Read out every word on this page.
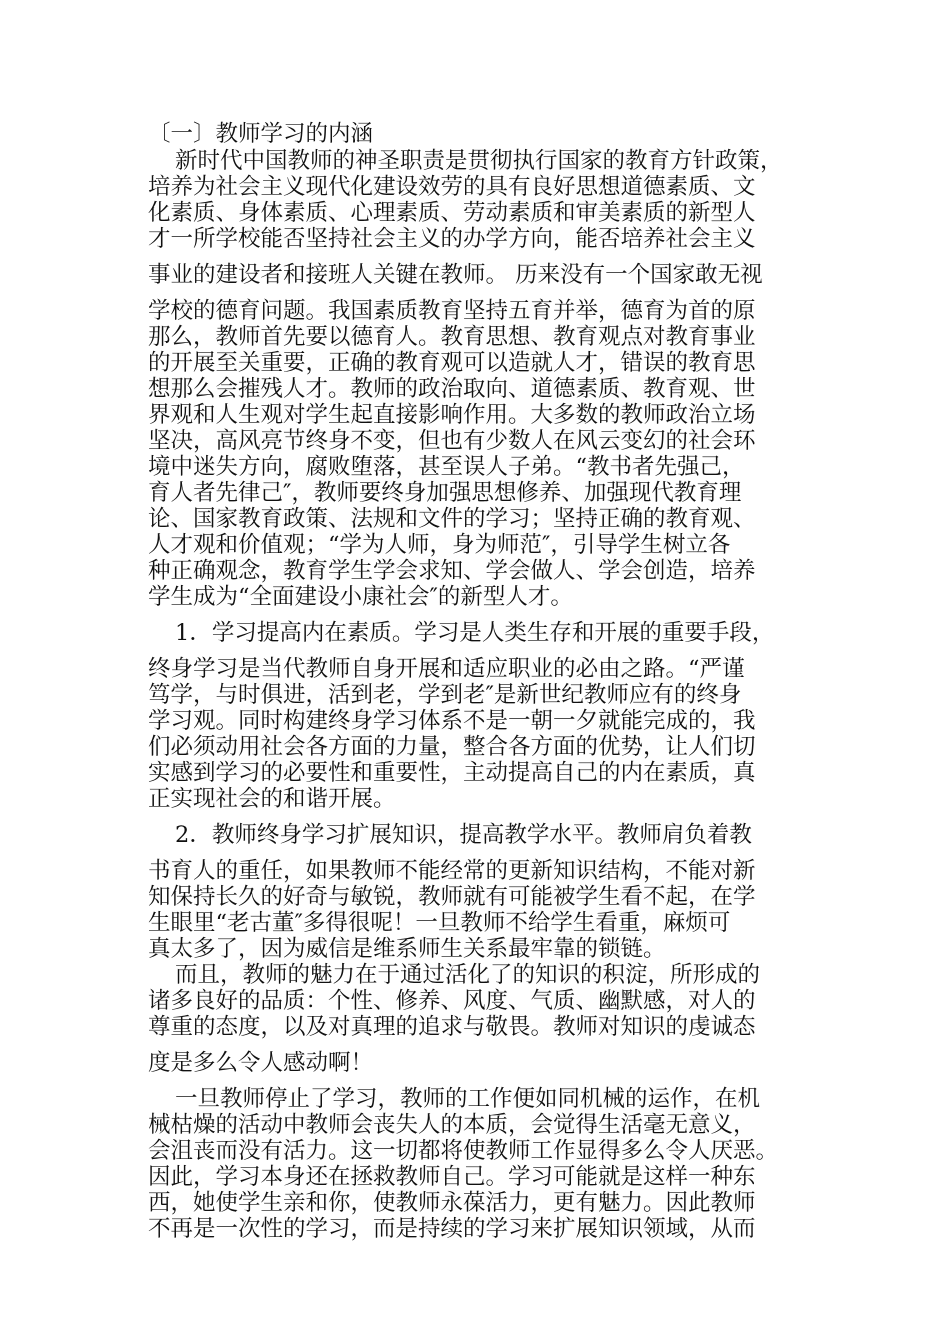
〔一〕教师学习的内涵
新时代中国教师的神圣职责是贯彻执行国家的教育方针政策，
培养为社会主义现代化建设效劳的具有良好思想道德素质、文
化素质、身体素质、心理素质、劳动素质和审美素质的新型人
才一所学校能否坚持社会主义的办学方向，能否培养社会主义
事业的建设者和接班人关键在教师。 历来没有一个国家敢无视
学校的德育问题。我国素质教育坚持五育并举，德育为首的原
那么，教师首先要以德育人。教育思想、教育观点对教育事业
的开展至关重要，正确的教育观可以造就人才，错误的教育思
想那么会摧残人才。教师的政治取向、道德素质、教育观、世
界观和人生观对学生起直接影响作用。大多数的教师政治立场
坚决，高风亮节终身不变，但也有少数人在风云变幻的社会环
境中迷失方向，腐败堕落，甚至误人子弟。“教书者先强己，
育人者先律己″，教师要终身加强思想修养、加强现代教育理
论、国家教育政策、法规和文件的学习；坚持正确的教育观、
人才观和价值观；“学为人师，身为师范″，引导学生树立各
种正确观念，教育学生学会求知、学会做人、学会创造，培养
学生成为“全面建设小康社会″的新型人才。
1．学习提高内在素质。学习是人类生存和开展的重要手段，
终身学习是当代教师自身开展和适应职业的必由之路。“严谨
笃学，与时俱进，活到老，学到老″是新世纪教师应有的终身
学习观。同时构建终身学习体系不是一朝一夕就能完成的，我
们必须动用社会各方面的力量，整合各方面的优势，让人们切
实感到学习的必要性和重要性，主动提高自己的内在素质，真
正实现社会的和谐开展。
2．教师终身学习扩展知识，提高教学水平。教师肩负着教
书育人的重任，如果教师不能经常的更新知识结构，不能对新
知保持长久的好奇与敏锐，教师就有可能被学生看不起，在学
生眼里“老古董″多得很呢！一旦教师不给学生看重，麻烦可
真太多了，因为威信是维系师生关系最牢靠的锁链。
而且，教师的魅力在于通过活化了的知识的积淀，所形成的
诸多良好的品质：个性、修养、风度、气质、幽默感，对人的
尊重的态度，以及对真理的追求与敬畏。教师对知识的虔诚态
度是多么令人感动啊！
一旦教师停止了学习，教师的工作便如同机械的运作，在机
械枯燥的活动中教师会丧失人的本质，会觉得生活毫无意义，
会沮丧而没有活力。这一切都将使教师工作显得多么令人厌恶。
因此，学习本身还在拯救教师自己。学习可能就是这样一种东
西，她使学生亲和你，使教师永葆活力，更有魅力。因此教师
不再是一次性的学习，而是持续的学习来扩展知识领域，从而
